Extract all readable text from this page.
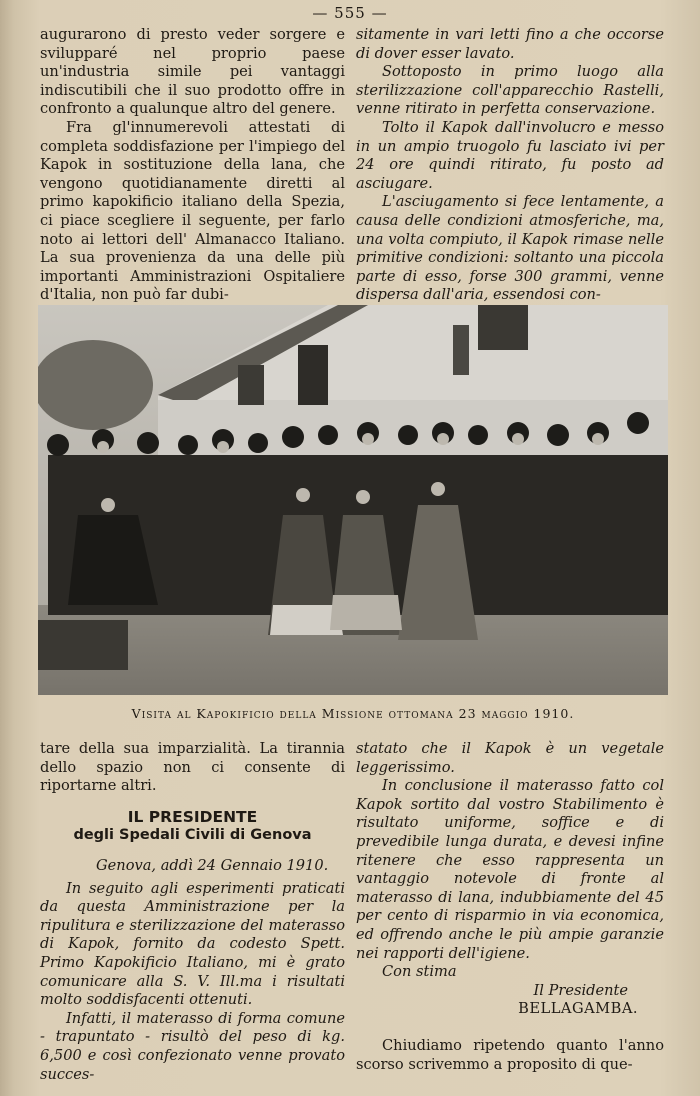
— 555 —

augurarono di presto veder sorgere e svilupparé nel proprio paese un'industria simile pei vantaggi indiscutibili che il suo prodotto offre in confronto a qualunque altro del genere.

Fra gl'innumerevoli attestati di completa soddisfazione per l'impiego del Kapok in sostituzione della lana, che vengono quotidianamente diretti al primo kapokificio italiano della Spezia, ci piace scegliere il seguente, per farlo noto ai lettori dell' Almanacco Italiano. La sua provenienza da una delle più importanti Amministrazioni Ospitaliere d'Italia, non può far dubi-

sitamente in vari letti fino a che occorse di dover esser lavato.

Sottoposto in primo luogo alla sterilizzazione coll'apparecchio Rastelli, venne ritirato in perfetta conservazione.

Tolto il Kapok dall'involucro e messo in un ampio truogolo fu lasciato ivi per 24 ore quindi ritirato, fu posto ad asciugare.

L'asciugamento si fece lentamente, a causa delle condizioni atmosferiche, ma, una volta compiuto, il Kapok rimase nelle primitive condizioni: soltanto una piccola parte di esso, forse 300 grammi, venne dispersa dall'aria, essendosi con-

Visita al Kapokificio della Missione ottomana 23 maggio 1910.

tare della sua imparzialità. La tirannia dello spazio non ci consente di riportarne altri.

IL PRESIDENTE

degli Spedali Civili di Genova

Genova, addì 24 Gennaio 1910.

In seguito agli esperimenti praticati da questa Amministrazione per la ripulitura e sterilizzazione del materasso di Kapok, fornito da codesto Spett. Primo Kapokificio Italiano, mi è grato comunicare alla S. V. Ill.ma i risultati molto soddisfacenti ottenuti.

Infatti, il materasso di forma comune - trapuntato - risultò del peso di kg. 6,500 e così confezionato venne provato succes-

statato che il Kapok è un vegetale leggerissimo.

In conclusione il materasso fatto col Kapok sortito dal vostro Stabilimento è risultato uniforme, soffice e di prevedibile lunga durata, e devesi infine ritenere che esso rappresenta un vantaggio notevole di fronte al materasso di lana, indubbiamente del 45 per cento di risparmio in via economica, ed offrendo anche le più ampie garanzie nei rapporti dell'igiene.

Con stima

Il Presidente

BELLAGAMBA.

Chiudiamo ripetendo quanto l'anno scorso scrivemmo a proposito di que-
